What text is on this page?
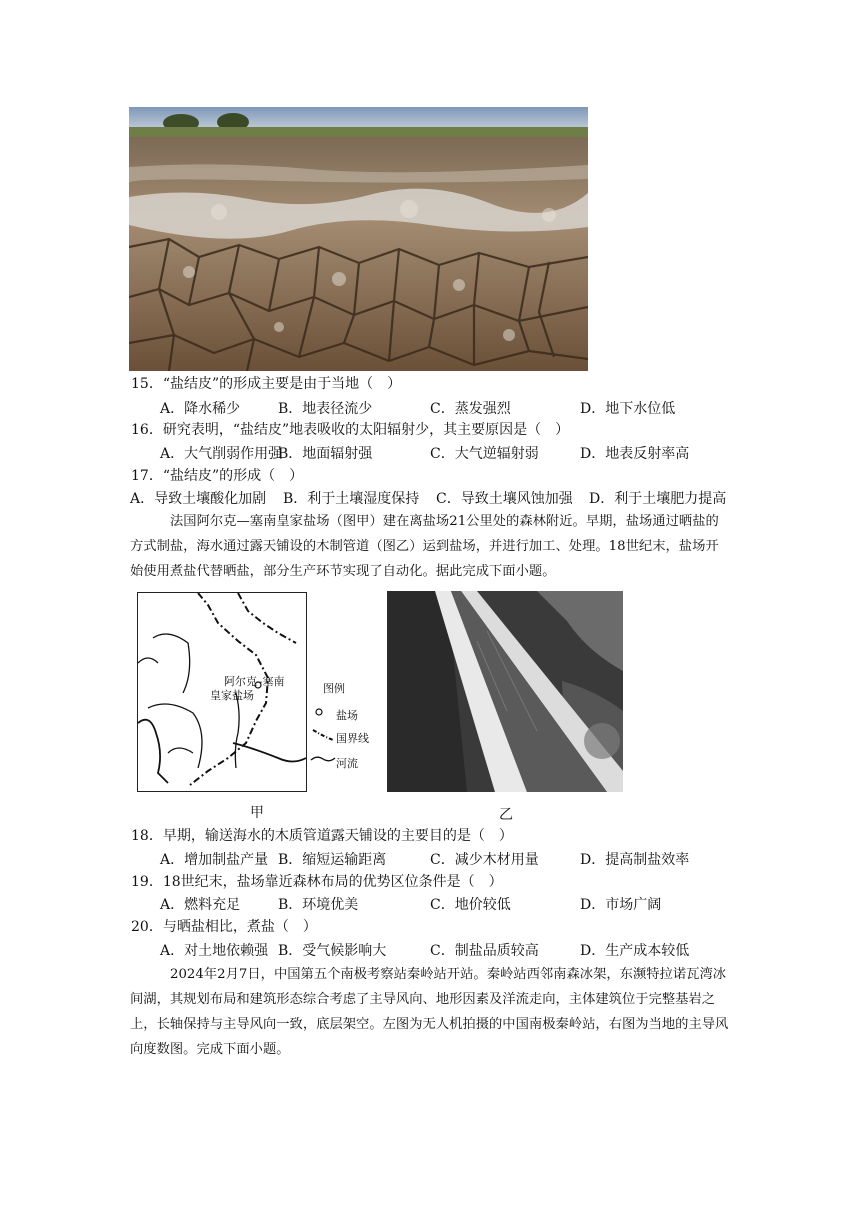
15．“盐结皮”的形成主要是由于当地（　）
A．降水稀少	B．地表径流少	C．蒸发强烈	D．地下水位低
16．研究表明，“盐结皮”地表吸收的太阳辐射少，其主要原因是（　）
A．大气削弱作用强
B．地面辐射强	C．大气逆辐射弱	D．地表反射率高
17．“盐结皮”的形成（　）
A．导致土壤酸化加剧 B．利于土壤湿度保持 C．导致土壤风蚀加强 D．利于土壤肥力提高
法国阿尔克—塞南皇家盐场（图甲）建在离盐场21公里处的森林附近。早期，盐场通过晒盐的方式制盐，海水通过露天铺设的木制管道（图乙）运到盐场，并进行加工、处理。18世纪末，盐场开始使用煮盐代替晒盐，部分生产环节实现了自动化。据此完成下面小题。
阿尔克–塞南
皇家盐场
图例
盐场
国界线
河流
甲	乙
18．早期，输送海水的木质管道露天铺设的主要目的是（　）
A．增加制盐产量 B．缩短运输距离	C．减少木材用量	D．提高制盐效率
19．18世纪末，盐场靠近森林布局的优势区位条件是（　）
A．燃料充足	B．环境优美	C．地价较低	D．市场广阔
20．与晒盐相比，煮盐（　）
A．对土地依赖强 B．受气候影响大	C．制盐品质较高	D．生产成本较低
2024年2月7日，中国第五个南极考察站秦岭站开站。秦岭站西邻南森冰架，东濒特拉诺瓦湾冰间湖，其规划布局和建筑形态综合考虑了主导风向、地形因素及洋流走向，主体建筑位于完整基岩之上，长轴保持与主导风向一致，底层架空。左图为无人机拍摄的中国南极秦岭站，右图为当地的主导风向度数图。完成下面小题。
